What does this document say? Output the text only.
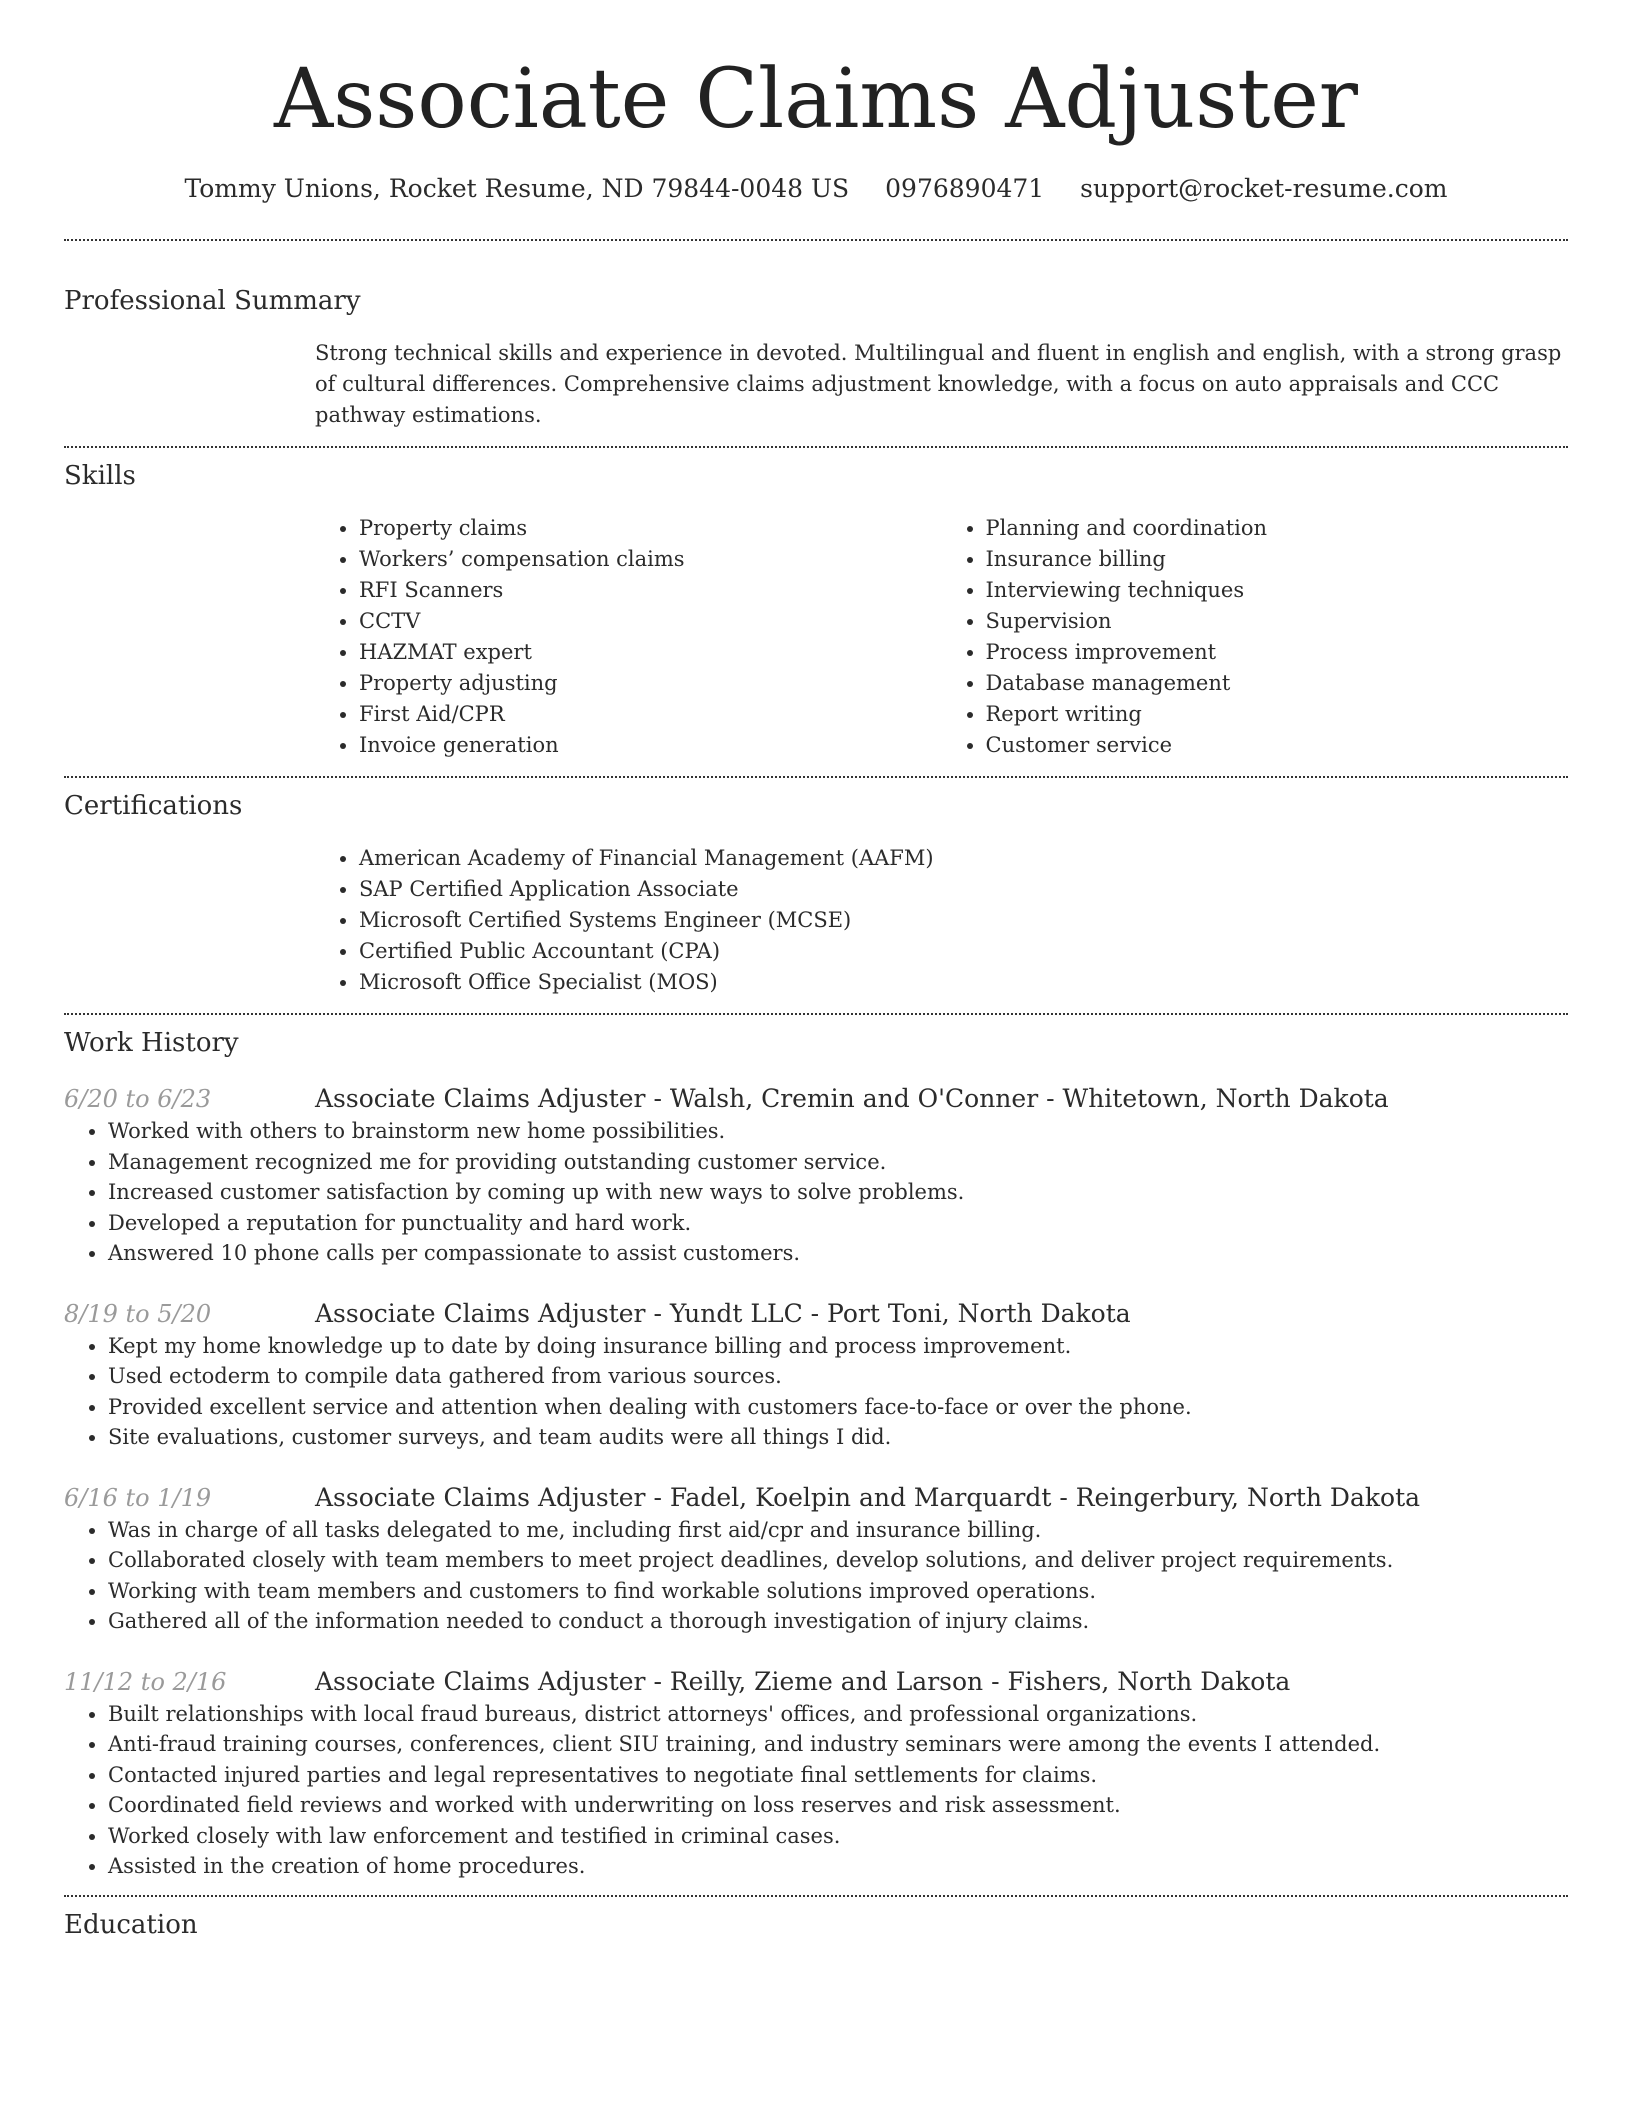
Associate Claims Adjuster
Tommy Unions, Rocket Resume, ND 79844-0048 US 0976890471 support@rocket-resume.com
Professional Summary
Strong technical skills and experience in devoted. Multilingual and fluent in english and english, with a strong grasp of cultural differences. Comprehensive claims adjustment knowledge, with a focus on auto appraisals and CCC pathway estimations.
Skills
• Property claims
• Workers’ compensation claims
• RFI Scanners
• CCTV
• HAZMAT expert
• Property adjusting
• First Aid/CPR
• Invoice generation
• Planning and coordination
• Insurance billing
• Interviewing techniques
• Supervision
• Process improvement
• Database management
• Report writing
• Customer service
Certifications
• American Academy of Financial Management (AAFM)
• SAP Certified Application Associate
• Microsoft Certified Systems Engineer (MCSE)
• Certified Public Accountant (CPA)
• Microsoft Office Specialist (MOS)
Work History
6/20 to 6/23	Associate Claims Adjuster - Walsh, Cremin and O'Conner - Whitetown, North Dakota
• Worked with others to brainstorm new home possibilities.
• Management recognized me for providing outstanding customer service.
• Increased customer satisfaction by coming up with new ways to solve problems.
• Developed a reputation for punctuality and hard work.
• Answered 10 phone calls per compassionate to assist customers.
8/19 to 5/20	Associate Claims Adjuster - Yundt LLC - Port Toni, North Dakota
• Kept my home knowledge up to date by doing insurance billing and process improvement.
• Used ectoderm to compile data gathered from various sources.
• Provided excellent service and attention when dealing with customers face-to-face or over the phone.
• Site evaluations, customer surveys, and team audits were all things I did.
6/16 to 1/19	Associate Claims Adjuster - Fadel, Koelpin and Marquardt - Reingerbury, North Dakota
• Was in charge of all tasks delegated to me, including first aid/cpr and insurance billing.
• Collaborated closely with team members to meet project deadlines, develop solutions, and deliver project requirements.
• Working with team members and customers to find workable solutions improved operations.
• Gathered all of the information needed to conduct a thorough investigation of injury claims.
11/12 to 2/16	Associate Claims Adjuster - Reilly, Zieme and Larson - Fishers, North Dakota
• Built relationships with local fraud bureaus, district attorneys' offices, and professional organizations.
• Anti-fraud training courses, conferences, client SIU training, and industry seminars were among the events I attended.
• Contacted injured parties and legal representatives to negotiate final settlements for claims.
• Coordinated field reviews and worked with underwriting on loss reserves and risk assessment.
• Worked closely with law enforcement and testified in criminal cases.
• Assisted in the creation of home procedures.
Education
